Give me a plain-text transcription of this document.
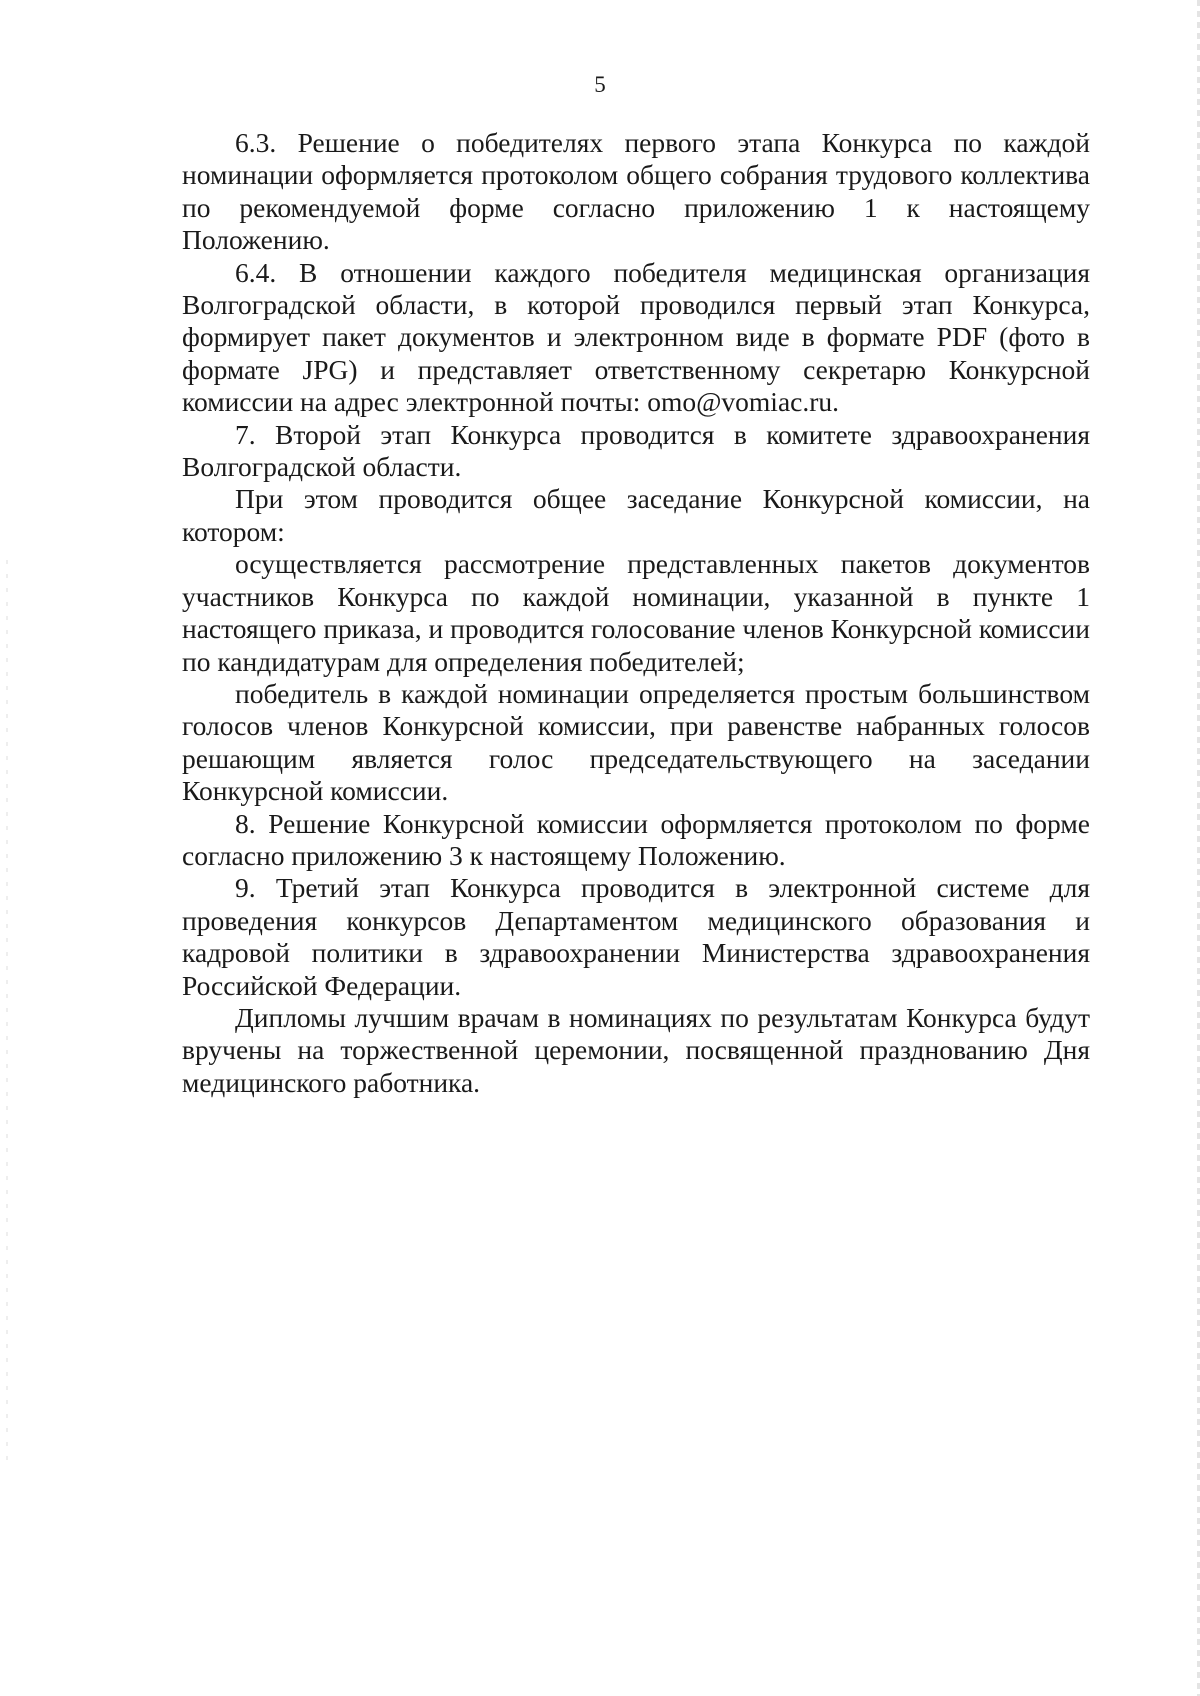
5

6.3. Решение о победителях первого этапа Конкурса по каждой номинации оформляется протоколом общего собрания трудового коллектива по рекомендуемой форме согласно приложению 1 к настоящему Положению.

6.4. В отношении каждого победителя медицинская организация Волгоградской области, в которой проводился первый этап Конкурса, формирует пакет документов и электронном виде в формате PDF (фото в формате JPG) и представляет ответственному секретарю Конкурсной комиссии на адрес электронной почты: omo@vomiac.ru.

7. Второй этап Конкурса проводится в комитете здравоохранения Волгоградской области.

При этом проводится общее заседание Конкурсной комиссии, на котором:

осуществляется рассмотрение представленных пакетов документов участников Конкурса по каждой номинации, указанной в пункте 1 настоящего приказа, и проводится голосование членов Конкурсной комиссии по кандидатурам для определения победителей;

победитель в каждой номинации определяется простым большинством голосов членов Конкурсной комиссии, при равенстве набранных голосов решающим является голос председательствующего на заседании Конкурсной комиссии.

8. Решение Конкурсной комиссии оформляется протоколом по форме согласно приложению 3 к настоящему Положению.

9. Третий этап Конкурса проводится в электронной системе для проведения конкурсов Департаментом медицинского образования и кадровой политики в здравоохранении Министерства здравоохранения Российской Федерации.

Дипломы лучшим врачам в номинациях по результатам Конкурса будут вручены на торжественной церемонии, посвященной празднованию Дня медицинского работника.
